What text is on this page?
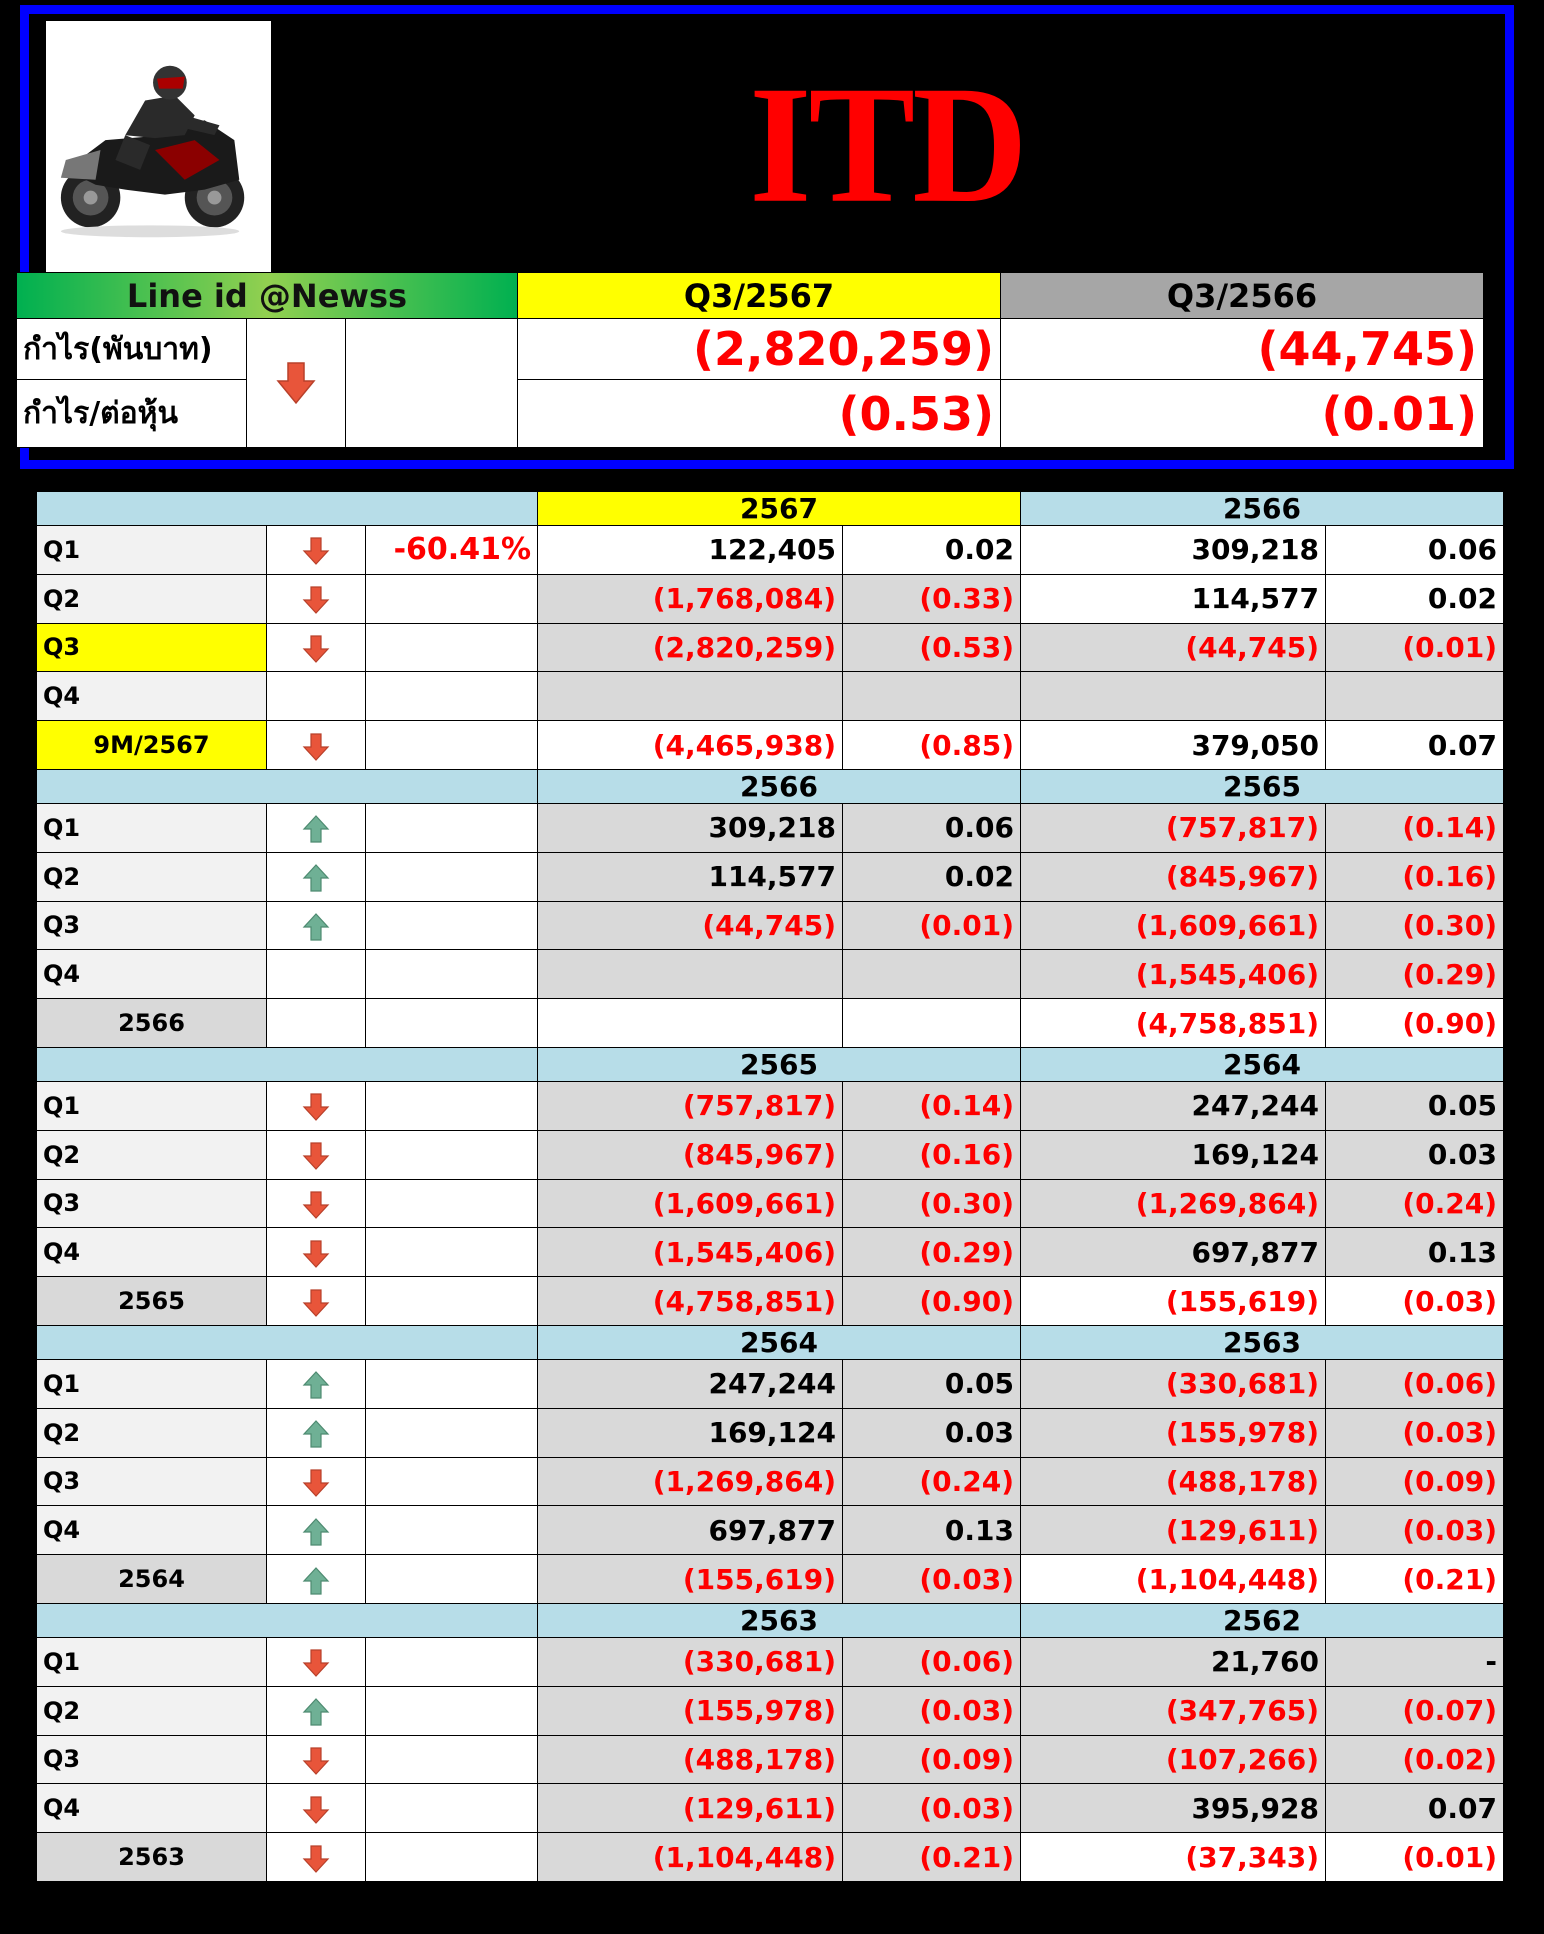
ITD
Line id @Newss			Q3/2567	Q3/2566
กำไร(พันบาท)			(2,820,259)	(44,745)
กำไร/ต่อหุ้น			(0.53)	(0.01)
			2567		2566	
Q1		-60.41%	122,405	0.02	309,218	0.06
Q2			(1,768,084)	(0.33)	114,577	0.02
Q3			(2,820,259)	(0.53)	(44,745)	(0.01)
Q4						
9M/2567			(4,465,938)	(0.85)	379,050	0.07
			2566		2565	
Q1			309,218	0.06	(757,817)	(0.14)
Q2			114,577	0.02	(845,967)	(0.16)
Q3			(44,745)	(0.01)	(1,609,661)	(0.30)
Q4					(1,545,406)	(0.29)
2566					(4,758,851)	(0.90)
			2565		2564	
Q1			(757,817)	(0.14)	247,244	0.05
Q2			(845,967)	(0.16)	169,124	0.03
Q3			(1,609,661)	(0.30)	(1,269,864)	(0.24)
Q4			(1,545,406)	(0.29)	697,877	0.13
2565			(4,758,851)	(0.90)	(155,619)	(0.03)
			2564		2563	
Q1			247,244	0.05	(330,681)	(0.06)
Q2			169,124	0.03	(155,978)	(0.03)
Q3			(1,269,864)	(0.24)	(488,178)	(0.09)
Q4			697,877	0.13	(129,611)	(0.03)
2564			(155,619)	(0.03)	(1,104,448)	(0.21)
			2563		2562	
Q1			(330,681)	(0.06)	21,760	-
Q2			(155,978)	(0.03)	(347,765)	(0.07)
Q3			(488,178)	(0.09)	(107,266)	(0.02)
Q4			(129,611)	(0.03)	395,928	0.07
2563			(1,104,448)	(0.21)	(37,343)	(0.01)
